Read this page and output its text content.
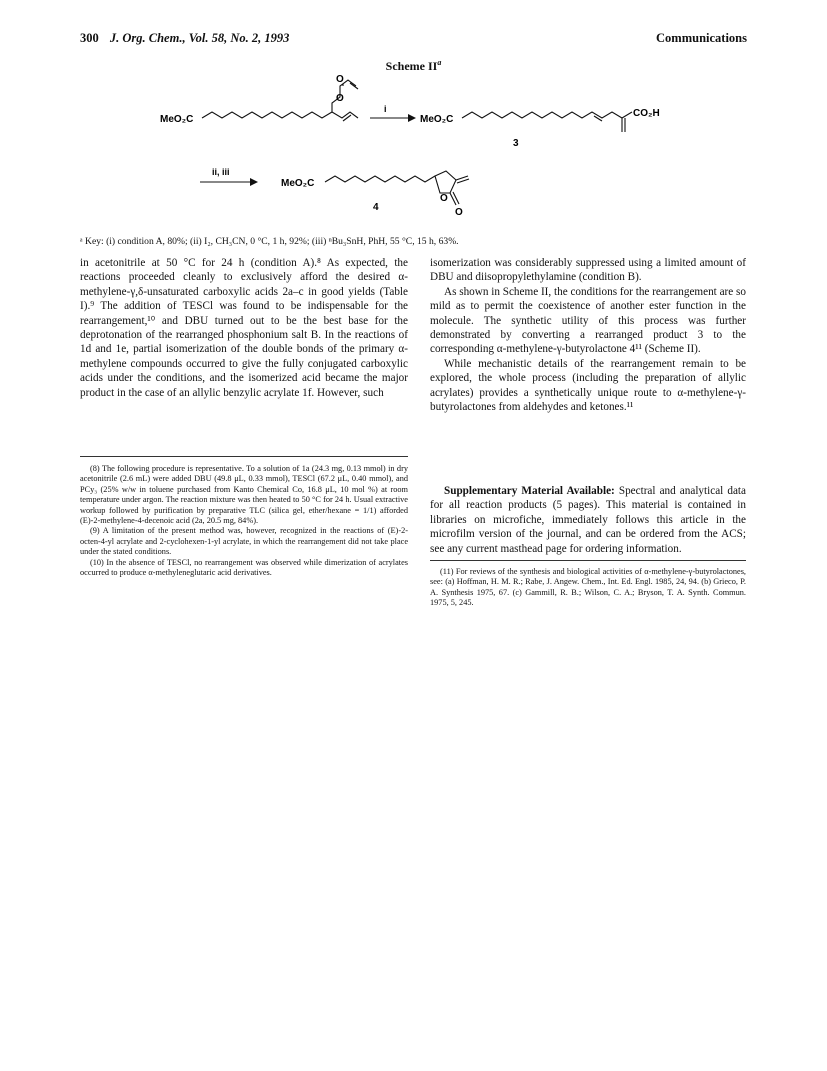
300 J. Org. Chem., Vol. 58, No. 2, 1993	Communications
Scheme $II^a$
MeO₂C
O
O
i
MeO₂C
CO₂H
3
ii, iii
MeO₂C
O
O
4
ᵃ Key: (i) condition A, 80%; (ii) I₂, CH₃CN, 0 °C, 1 h, 92%; (iii) ⁿBu₃SnH, PhH, 55 °C, 15 h, 63%.

in acetonitrile at 50 °C for 24 h (condition A).⁸ As expected, the reactions proceeded cleanly to exclusively afford the desired α-methylene-γ,δ-unsaturated carboxylic acids 2a–c in good yields (Table I).⁹ The addition of TESCl was found to be indispensable for the rearrangement,¹⁰ and DBU turned out to be the best base for the deprotonation of the rearranged phosphonium salt B. In the reactions of 1d and 1e, partial isomerization of the double bonds of the primary α-methylene compounds occurred to give the fully conjugated carboxylic acids under the conditions, and the isomerized acid became the major product in the case of an allylic benzylic acrylate 1f. However, such

(8) The following procedure is representative. To a solution of 1a (24.3 mg, 0.13 mmol) in dry acetonitrile (2.6 mL) were added DBU (49.8 μL, 0.33 mmol), TESCl (67.2 μL, 0.40 mmol), and PCy₃ (25% w/w in toluene purchased from Kanto Chemical Co, 16.8 μL, 10 mol %) at room temperature under argon. The reaction mixture was then heated to 50 °C for 24 h. Usual extractive workup followed by purification by preparative TLC (silica gel, ether/hexane = 1/1) afforded (E)-2-methylene-4-decenoic acid (2a, 20.5 mg, 84%).

(9) A limitation of the present method was, however, recognized in the reactions of (E)-2-octen-4-yl acrylate and 2-cyclohexen-1-yl acrylate, in which the rearrangement did not take place under the stated conditions.

(10) In the absence of TESCl, no rearrangement was observed while dimerization of acrylates occurred to produce α-methyleneglutaric acid derivatives.

isomerization was considerably suppressed using a limited amount of DBU and diisopropylethylamine (condition B).

As shown in Scheme II, the conditions for the rearrangement are so mild as to permit the coexistence of another ester function in the molecule. The synthetic utility of this process was further demonstrated by converting a rearranged product 3 to the corresponding α-methylene-γ-butyrolactone 4¹¹ (Scheme II).

While mechanistic details of the rearrangement remain to be explored, the whole process (including the preparation of allylic acrylates) provides a synthetically unique route to α-methylene-γ-butyrolactones from aldehydes and ketones.¹¹

Supplementary Material Available: Spectral and analytical data for all reaction products (5 pages). This material is contained in libraries on microfiche, immediately follows this article in the microfilm version of the journal, and can be ordered from the ACS; see any current masthead page for ordering information.

(11) For reviews of the synthesis and biological activities of α-methylene-γ-butyrolactones, see: (a) Hoffman, H. M. R.; Rabe, J. Angew. Chem., Int. Ed. Engl. 1985, 24, 94. (b) Grieco, P. A. Synthesis 1975, 67. (c) Gammill, R. B.; Wilson, C. A.; Bryson, T. A. Synth. Commun. 1975, 5, 245.
